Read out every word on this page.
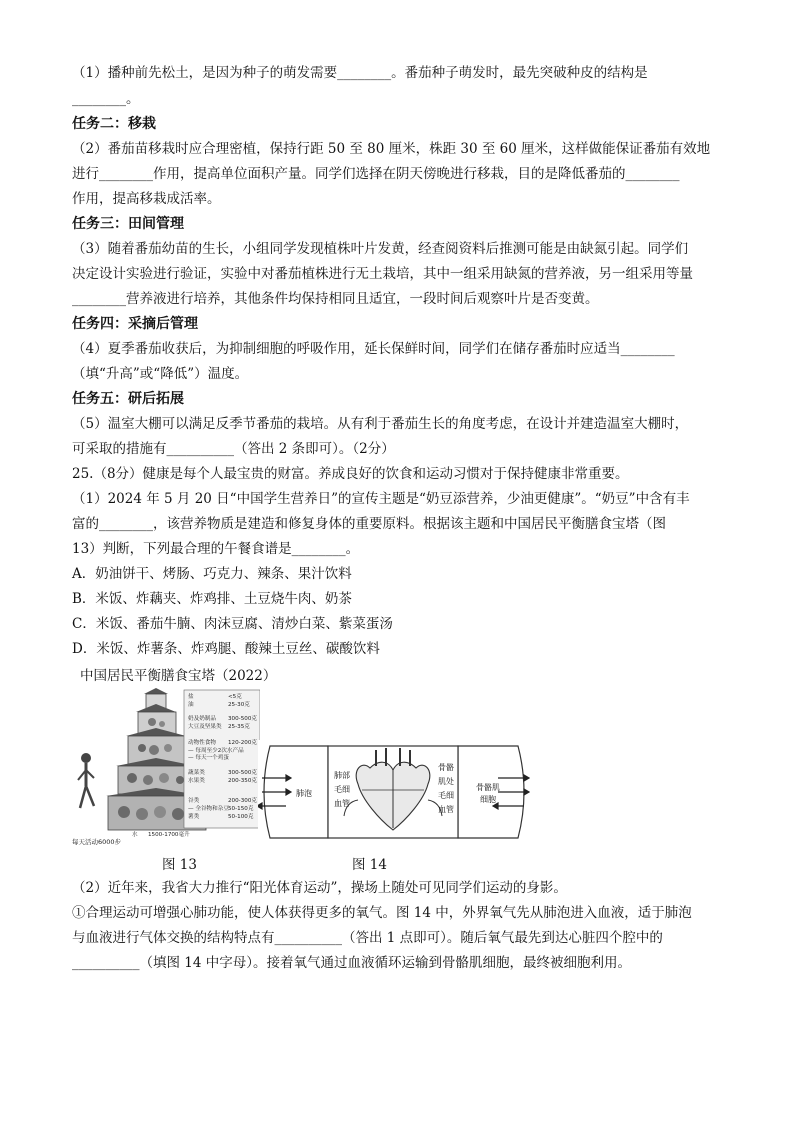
（1）播种前先松土，是因为种子的萌发需要________。番茄种子萌发时，最先突破种皮的结构是
________。
任务二：移栽
（2）番茄苗移栽时应合理密植，保持行距 50 至 80 厘米，株距 30 至 60 厘米，这样做能保证番茄有效地
进行________作用，提高单位面积产量。同学们选择在阴天傍晚进行移栽，目的是降低番茄的________
作用，提高移栽成活率。
任务三：田间管理
（3）随着番茄幼苗的生长，小组同学发现植株叶片发黄，经查阅资料后推测可能是由缺氮引起。同学们
决定设计实验进行验证，实验中对番茄植株进行无土栽培，其中一组采用缺氮的营养液，另一组采用等量
________营养液进行培养，其他条件均保持相同且适宜，一段时间后观察叶片是否变黄。
任务四：采摘后管理
（4）夏季番茄收获后，为抑制细胞的呼吸作用，延长保鲜时间，同学们在储存番茄时应适当________
（填“升高”或“降低”）温度。
任务五：研后拓展
（5）温室大棚可以满足反季节番茄的栽培。从有利于番茄生长的角度考虑，在设计并建造温室大棚时，
可采取的措施有__________（答出 2 条即可）。（2分）
25.（8分）健康是每个人最宝贵的财富。养成良好的饮食和运动习惯对于保持健康非常重要。
（1）2024 年 5 月 20 日“中国学生营养日”的宣传主题是“奶豆添营养，少油更健康”。“奶豆”中含有丰
富的________，该营养物质是建造和修复身体的重要原料。根据该主题和中国居民平衡膳食宝塔（图
13）判断，下列最合理的午餐食谱是________。
A．奶油饼干、烤肠、巧克力、辣条、果汁饮料
B．米饭、炸藕夹、炸鸡排、土豆烧牛肉、奶茶
C．米饭、番茄牛腩、肉沫豆腐、清炒白菜、紫菜蛋汤
D．米饭、炸薯条、炸鸡腿、酸辣土豆丝、碳酸饮料
中国居民平衡膳食宝塔（2022）
盐	<5克
油	25-30克
奶及奶制品 300-500克
大豆及坚果类 25-35克
动物性食物 120-200克
— 每周至少2次水产品
— 每天一个鸡蛋
蔬菜类	300-500克
水果类	200-350克
谷类	200-300克
— 全谷物和杂豆 50-150克
薯类	50-100克
水 1500-1700毫升
每天活动6000步
肺泡
肺部
毛细
血管
骨骼
肌处
毛细
血管
骨骼肌
细胞
图 13	图 14
（2）近年来，我省大力推行“阳光体育运动”，操场上随处可见同学们运动的身影。
①合理运动可增强心肺功能，使人体获得更多的氧气。图 14 中，外界氧气先从肺泡进入血液，适于肺泡
与血液进行气体交换的结构特点有__________（答出 1 点即可）。随后氧气最先到达心脏四个腔中的
__________（填图 14 中字母）。接着氧气通过血液循环运输到骨骼肌细胞，最终被细胞利用。
